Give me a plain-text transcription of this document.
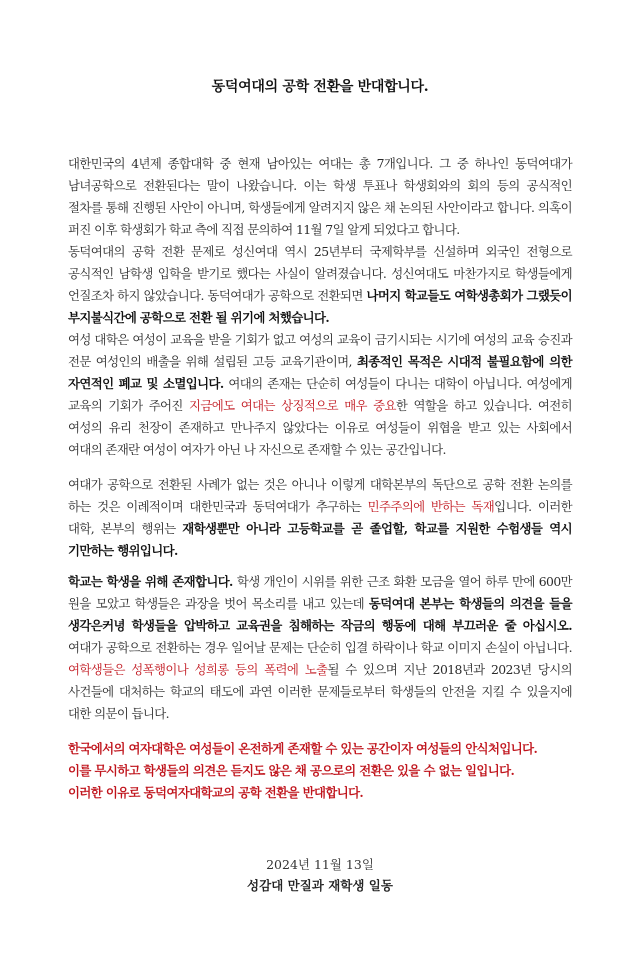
동덕여대의 공학 전환을 반대합니다.
대한민국의 4년제 종합대학 중 현재 남아있는 여대는 총 7개입니다. 그 중 하나인 동덕여대가 남녀공학으로 전환된다는 말이 나왔습니다. 이는 학생 투표나 학생회와의 회의 등의 공식적인 절차를 통해 진행된 사안이 아니며, 학생들에게 알려지지 않은 채 논의된 사안이라고 합니다. 의혹이 퍼진 이후 학생회가 학교 측에 직접 문의하여 11월 7일 알게 되었다고 합니다.
동덕여대의 공학 전환 문제로 성신여대 역시 25년부터 국제학부를 신설하며 외국인 전형으로 공식적인 남학생 입학을 받기로 했다는 사실이 알려졌습니다. 성신여대도 마찬가지로 학생들에게 언질조차 하지 않았습니다. 동덕여대가 공학으로 전환되면 나머지 학교들도 여학생총회가 그랬듯이 부지불식간에 공학으로 전환 될 위기에 처했습니다.
여성 대학은 여성이 교육을 받을 기회가 없고 여성의 교육이 금기시되는 시기에 여성의 교육 승진과 전문 여성인의 배출을 위해 설립된 고등 교육기관이며, 최종적인 목적은 시대적 불필요함에 의한 자연적인 폐교 및 소멸입니다. 여대의 존재는 단순히 여성들이 다니는 대학이 아닙니다. 여성에게 교육의 기회가 주어진 지금에도 여대는 상징적으로 매우 중요한 역할을 하고 있습니다. 여전히 여성의 유리 천장이 존재하고 만나주지 않았다는 이유로 여성들이 위협을 받고 있는 사회에서 여대의 존재란 여성이 여자가 아닌 나 자신으로 존재할 수 있는 공간입니다.
여대가 공학으로 전환된 사례가 없는 것은 아니나 이렇게 대학본부의 독단으로 공학 전환 논의를 하는 것은 이례적이며 대한민국과 동덕여대가 추구하는 민주주의에 반하는 독재입니다. 이러한 대학, 본부의 행위는 재학생뿐만 아니라 고등학교를 곧 졸업할, 학교를 지원한 수험생들 역시 기만하는 행위입니다.
학교는 학생을 위해 존재합니다. 학생 개인이 시위를 위한 근조 화환 모금을 열어 하루 만에 600만 원을 모았고 학생들은 과장을 벗어 목소리를 내고 있는데 동덕여대 본부는 학생들의 의견을 들을 생각은커녕 학생들을 압박하고 교육권을 침해하는 작금의 행동에 대해 부끄러운 줄 아십시오. 여대가 공학으로 전환하는 경우 일어날 문제는 단순히 입결 하락이나 학교 이미지 손실이 아닙니다. 여학생들은 성폭행이나 성희롱 등의 폭력에 노출될 수 있으며 지난 2018년과 2023년 당시의 사건들에 대처하는 학교의 태도에 과연 이러한 문제들로부터 학생들의 안전을 지킬 수 있을지에 대한 의문이 듭니다.
한국에서의 여자대학은 여성들이 온전하게 존재할 수 있는 공간이자 여성들의 안식처입니다.
이를 무시하고 학생들의 의견은 듣지도 않은 채 공으로의 전환은 있을 수 없는 일입니다.
이러한 이유로 동덕여자대학교의 공학 전환을 반대합니다.
2024년 11월 13일
성감대 만질과 재학생 일동
